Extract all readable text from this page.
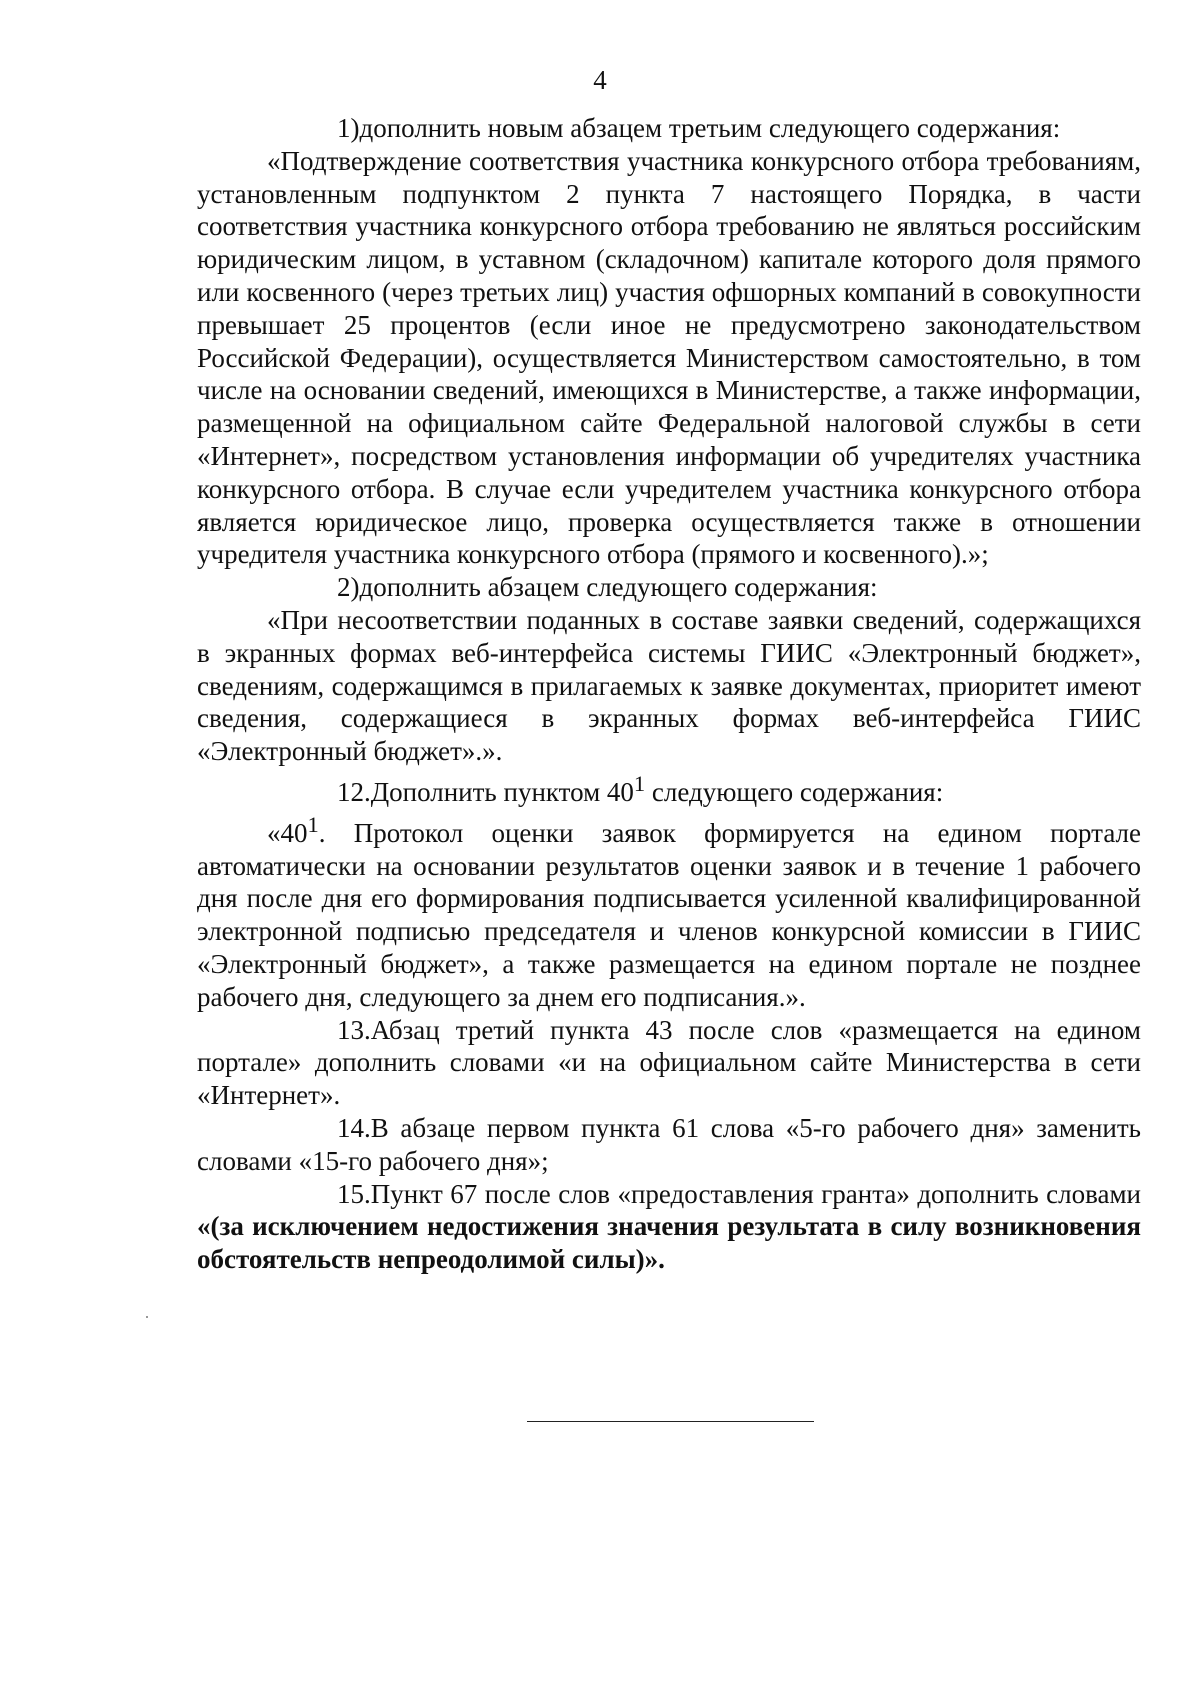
4

1)дополнить новым абзацем третьим следующего содержания:

«Подтверждение соответствия участника конкурсного отбора требованиям, установленным подпунктом 2 пункта 7 настоящего Порядка, в части соответствия участника конкурсного отбора требованию не являться российским юридическим лицом, в уставном (складочном) капитале которого доля прямого или косвенного (через третьих лиц) участия офшорных компаний в совокупности превышает 25 процентов (если иное не предусмотрено законодательством Российской Федерации), осуществляется Министерством самостоятельно, в том числе на основании сведений, имеющихся в Министерстве, а также информации, размещенной на официальном сайте Федеральной налоговой службы в сети «Интернет», посредством установления информации об учредителях участника конкурсного отбора. В случае если учредителем участника конкурсного отбора является юридическое лицо, проверка осуществляется также в отношении учредителя участника конкурсного отбора (прямого и косвенного).»;

2)дополнить абзацем следующего содержания:

«При несоответствии поданных в составе заявки сведений, содержащихся в экранных формах веб-интерфейса системы ГИИС «Электронный бюджет», сведениям, содержащимся в прилагаемых к заявке документах, приоритет имеют сведения, содержащиеся в экранных формах веб-интерфейса ГИИС «Электронный бюджет».».

12.Дополнить пунктом $40^1$ следующего содержания:

«$40^1$. Протокол оценки заявок формируется на едином портале автоматически на основании результатов оценки заявок и в течение 1 рабочего дня после дня его формирования подписывается усиленной квалифицированной электронной подписью председателя и членов конкурсной комиссии в ГИИС «Электронный бюджет», а также размещается на едином портале не позднее рабочего дня, следующего за днем его подписания.».

13.Абзац третий пункта 43 после слов «размещается на едином портале» дополнить словами «и на официальном сайте Министерства в сети «Интернет».

14.В абзаце первом пункта 61 слова «5-го рабочего дня» заменить словами «15-го рабочего дня»;

15.Пункт 67 после слов «предоставления гранта» дополнить словами «(за исключением недостижения значения результата в силу возникновения обстоятельств непреодолимой силы)».
